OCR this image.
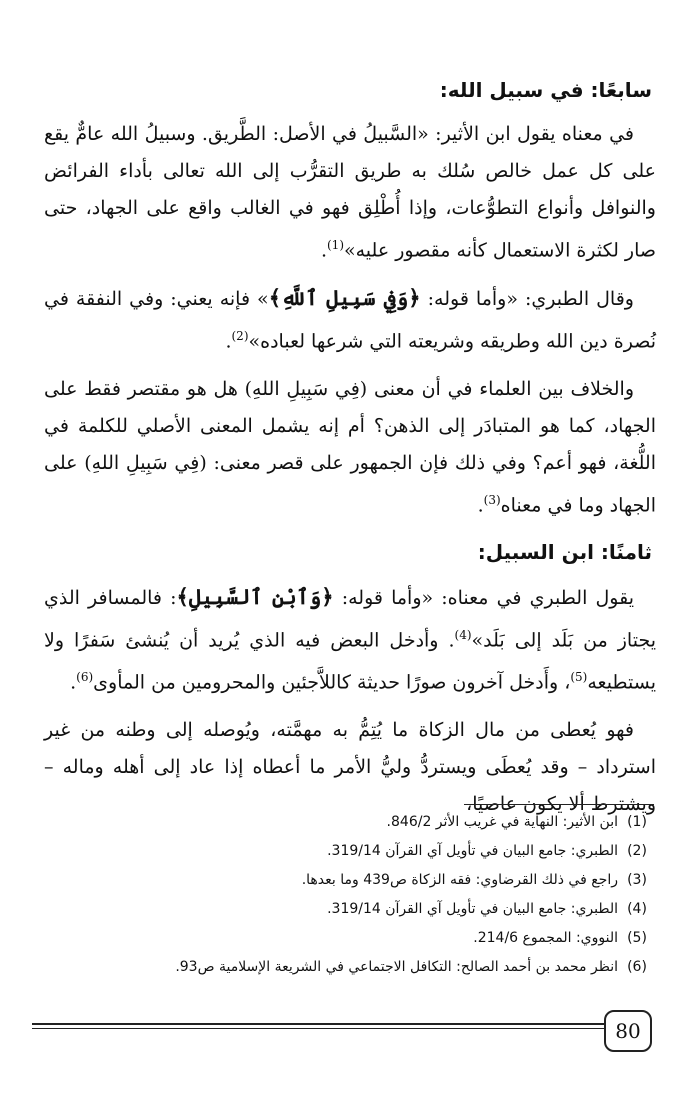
سابعًا: في سبيل الله:

في معناه يقول ابن الأثير: «السَّبيلُ في الأصل: الطَّريق. وسبيلُ الله عامٌّ يقع على كل عمل خالص سُلك به طريق التقرُّب إلى الله تعالى بأداء الفرائض والنوافل وأنواع التطوُّعات، وإذا أُطْلِق فهو في الغالب واقع على الجهاد، حتى صار لكثرة الاستعمال كأنه مقصور عليه»$^{(1)}$.

وقال الطبري: «وأما قوله: ﴿وَفِي سَبِيلِ ٱللَّهِ﴾» فإنه يعني: وفي النفقة في نُصرة دين الله وطريقه وشريعته التي شرعها لعباده»$^{(2)}$.

والخلاف بين العلماء في أن معنى (فِي سَبِيلِ اللهِ) هل هو مقتصر فقط على الجهاد، كما هو المتبادَر إلى الذهن؟ أم إنه يشمل المعنى الأصلي للكلمة في اللُّغة، فهو أعم؟ وفي ذلك فإن الجمهور على قصر معنى: (فِي سَبِيلِ اللهِ) على الجهاد وما في معناه$^{(3)}$.

ثامنًا: ابن السبيل:

يقول الطبري في معناه: «وأما قوله: ﴿وَٱبْنِ ٱلسَّبِيلِ﴾: فالمسافر الذي يجتاز من بَلَد إلى بَلَد»$^{(4)}$. وأدخل البعض فيه الذي يُريد أن يُنشئ سَفرًا ولا يستطيعه$^{(5)}$، وأَدخل آخرون صورًا حديثة كاللاَّجئين والمحرومين من المأوى$^{(6)}$.

فهو يُعطى من مال الزكاة ما يُتِمُّ به مهمَّته، ويُوصله إلى وطنه من غير استرداد – وقد يُعطَى ويستردُّ وليُّ الأمر ما أعطاه إذا عاد إلى أهله وماله – ويشترط ألا يكون عاصيًا،

(1)
ابن الأثير: النهاية في غريب الأثر 846/2.
(2)
الطبري: جامع البيان في تأويل آي القرآن 319/14.
(3)
راجع في ذلك القرضاوي: فقه الزكاة ص439 وما بعدها.
(4)
الطبري: جامع البيان في تأويل آي القرآن 319/14.
(5)
النووي: المجموع 214/6.
(6)
انظر محمد بن أحمد الصالح: التكافل الاجتماعي في الشريعة الإسلامية ص93.
80
